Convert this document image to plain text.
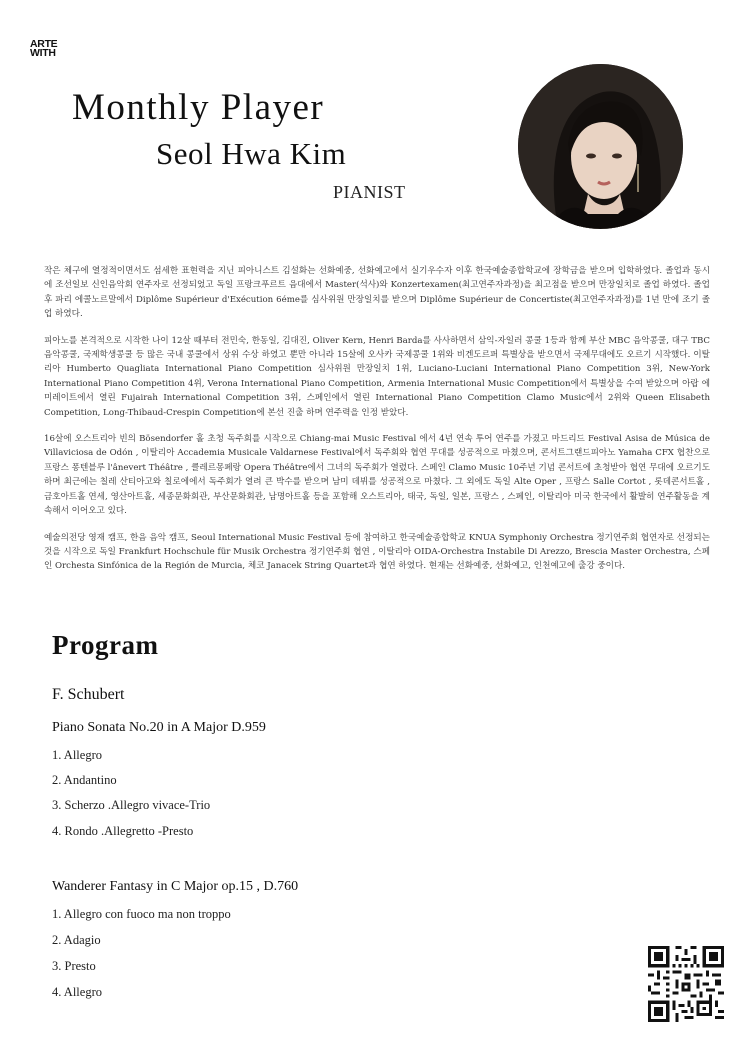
ARTE
WITH
Monthly Player
Seol Hwa Kim
PIANIST

작은 체구에 열정적이면서도 섬세한 표현력을 지닌 피아니스트 김설화는 선화예중, 선화예고에서 실기우수자 이후 한국예술종합학교에 장학금을 받으며 입학하였다. 졸업과 동시에 조선일보 신인음악회 연주자로 선정되었고 독일 프랑크푸르트 음대에서 Master(석사)와 Konzertexamen(최고연주자과정)을 최고점을 받으며 만장일치로 졸업 하였다. 졸업 후 파리 에콜노르말에서 Diplôme Supérieur d'Exécution 6éme를 심사위원 만장일치를 받으며 Diplôme Supérieur de Concertiste(최고연주자과정)를 1년 만에 조기 졸업 하였다.

피아노를 본격적으로 시작한 나이 12살 때부터 전민숙, 한동일, 김대진, Oliver Kern, Henri Barda를 사사하면서 삼익-자일러 콩쿨 1등과 함께 부산 MBC 음악콩쿨, 대구 TBC 음악콩쿨, 국제학생콩쿨 등 많은 국내 콩쿨에서 상위 수상 하였고 뿐만 아니라 15살에 오사카 국제콩쿨 1위와 비겐도르퍼 특별상을 받으면서 국제무대에도 오르기 시작했다. 이탈리아 Humberto Quagliata International Piano Competition 심사위원 만장일치 1위, Luciano-Luciani International Piano Competition 3위, New-York International Piano Competition 4위, Verona International Piano Competition, Armenia International Music Competition에서 특별상을 수여 받았으며 아랍 에미레이트에서 열린 Fujairah International Competition 3위, 스페인에서 열린 International Piano Competition Clamo Music에서 2위와 Queen Elisabeth Competition, Long-Thibaud-Crespin Competition에 본선 진출 하며 연주력을 인정 받았다.

16살에 오스트리아 빈의 Bösendorfer 홀 초청 독주회를 시작으로 Chiang-mai Music Festival 에서 4년 연속 투어 연주를 가졌고 마드리드 Festival Asisa de Música de Villaviciosa de Odón , 이탈리아 Accademia Musicale Valdarnese Festival에서 독주회와 협연 무대를 성공적으로 마쳤으며, 콘서트그랜드피아노 Yamaha CFX 협찬으로 프랑스 퐁텐블루 l'ânevert Théâtre , 클레르몽페랑 Opera Théâtre에서 그녀의 독주회가 열렸다. 스페인 Clamo Music 10주년 기념 콘서트에 초청받아 협연 무대에 오르기도 하며 최근에는 칠레 산티아고와 칠로에에서 독주회가 열려 큰 박수를 받으며 남미 데뷔를 성공적으로 마쳤다. 그 외에도 독일 Alte Oper , 프랑스 Salle Cortot , 롯데콘서트홀 ,금호아트홀 연세, 영산아트홀, 세종문화회관, 부산문화회관, 남명아트홀 등을 포함해 오스트리아, 태국, 독일, 일본, 프랑스 , 스페인, 이탈리아 미국 한국에서 활발히 연주활동을 계속해서 이어오고 있다.

예술의전당 영재 캠프, 한음 음악 캠프, Seoul International Music Festival 등에 참여하고 한국예술종합학교 KNUA Symphoniy Orchestra 정기연주회 협연자로 선정되는 것을 시작으로 독일 Frankfurt Hochschule für Musik Orchestra 정기연주회 협연 , 이탈리아 OIDA-Orchestra Instabile Di Arezzo, Brescia Master Orchestra, 스페인 Orchesta Sinfónica de la Región de Murcia, 체코 Janacek String Quartet과 협연 하였다. 현재는 선화예중, 선화예고, 인천예고에 출강 중이다.

Program
F. Schubert
Piano Sonata No.20 in A Major D.959
1. Allegro
2. Andantino
3. Scherzo .Allegro vivace-Trio
4. Rondo .Allegretto -Presto
Wanderer Fantasy in C Major op.15 , D.760
1. Allegro con fuoco ma non troppo
2. Adagio
3. Presto
4. Allegro
